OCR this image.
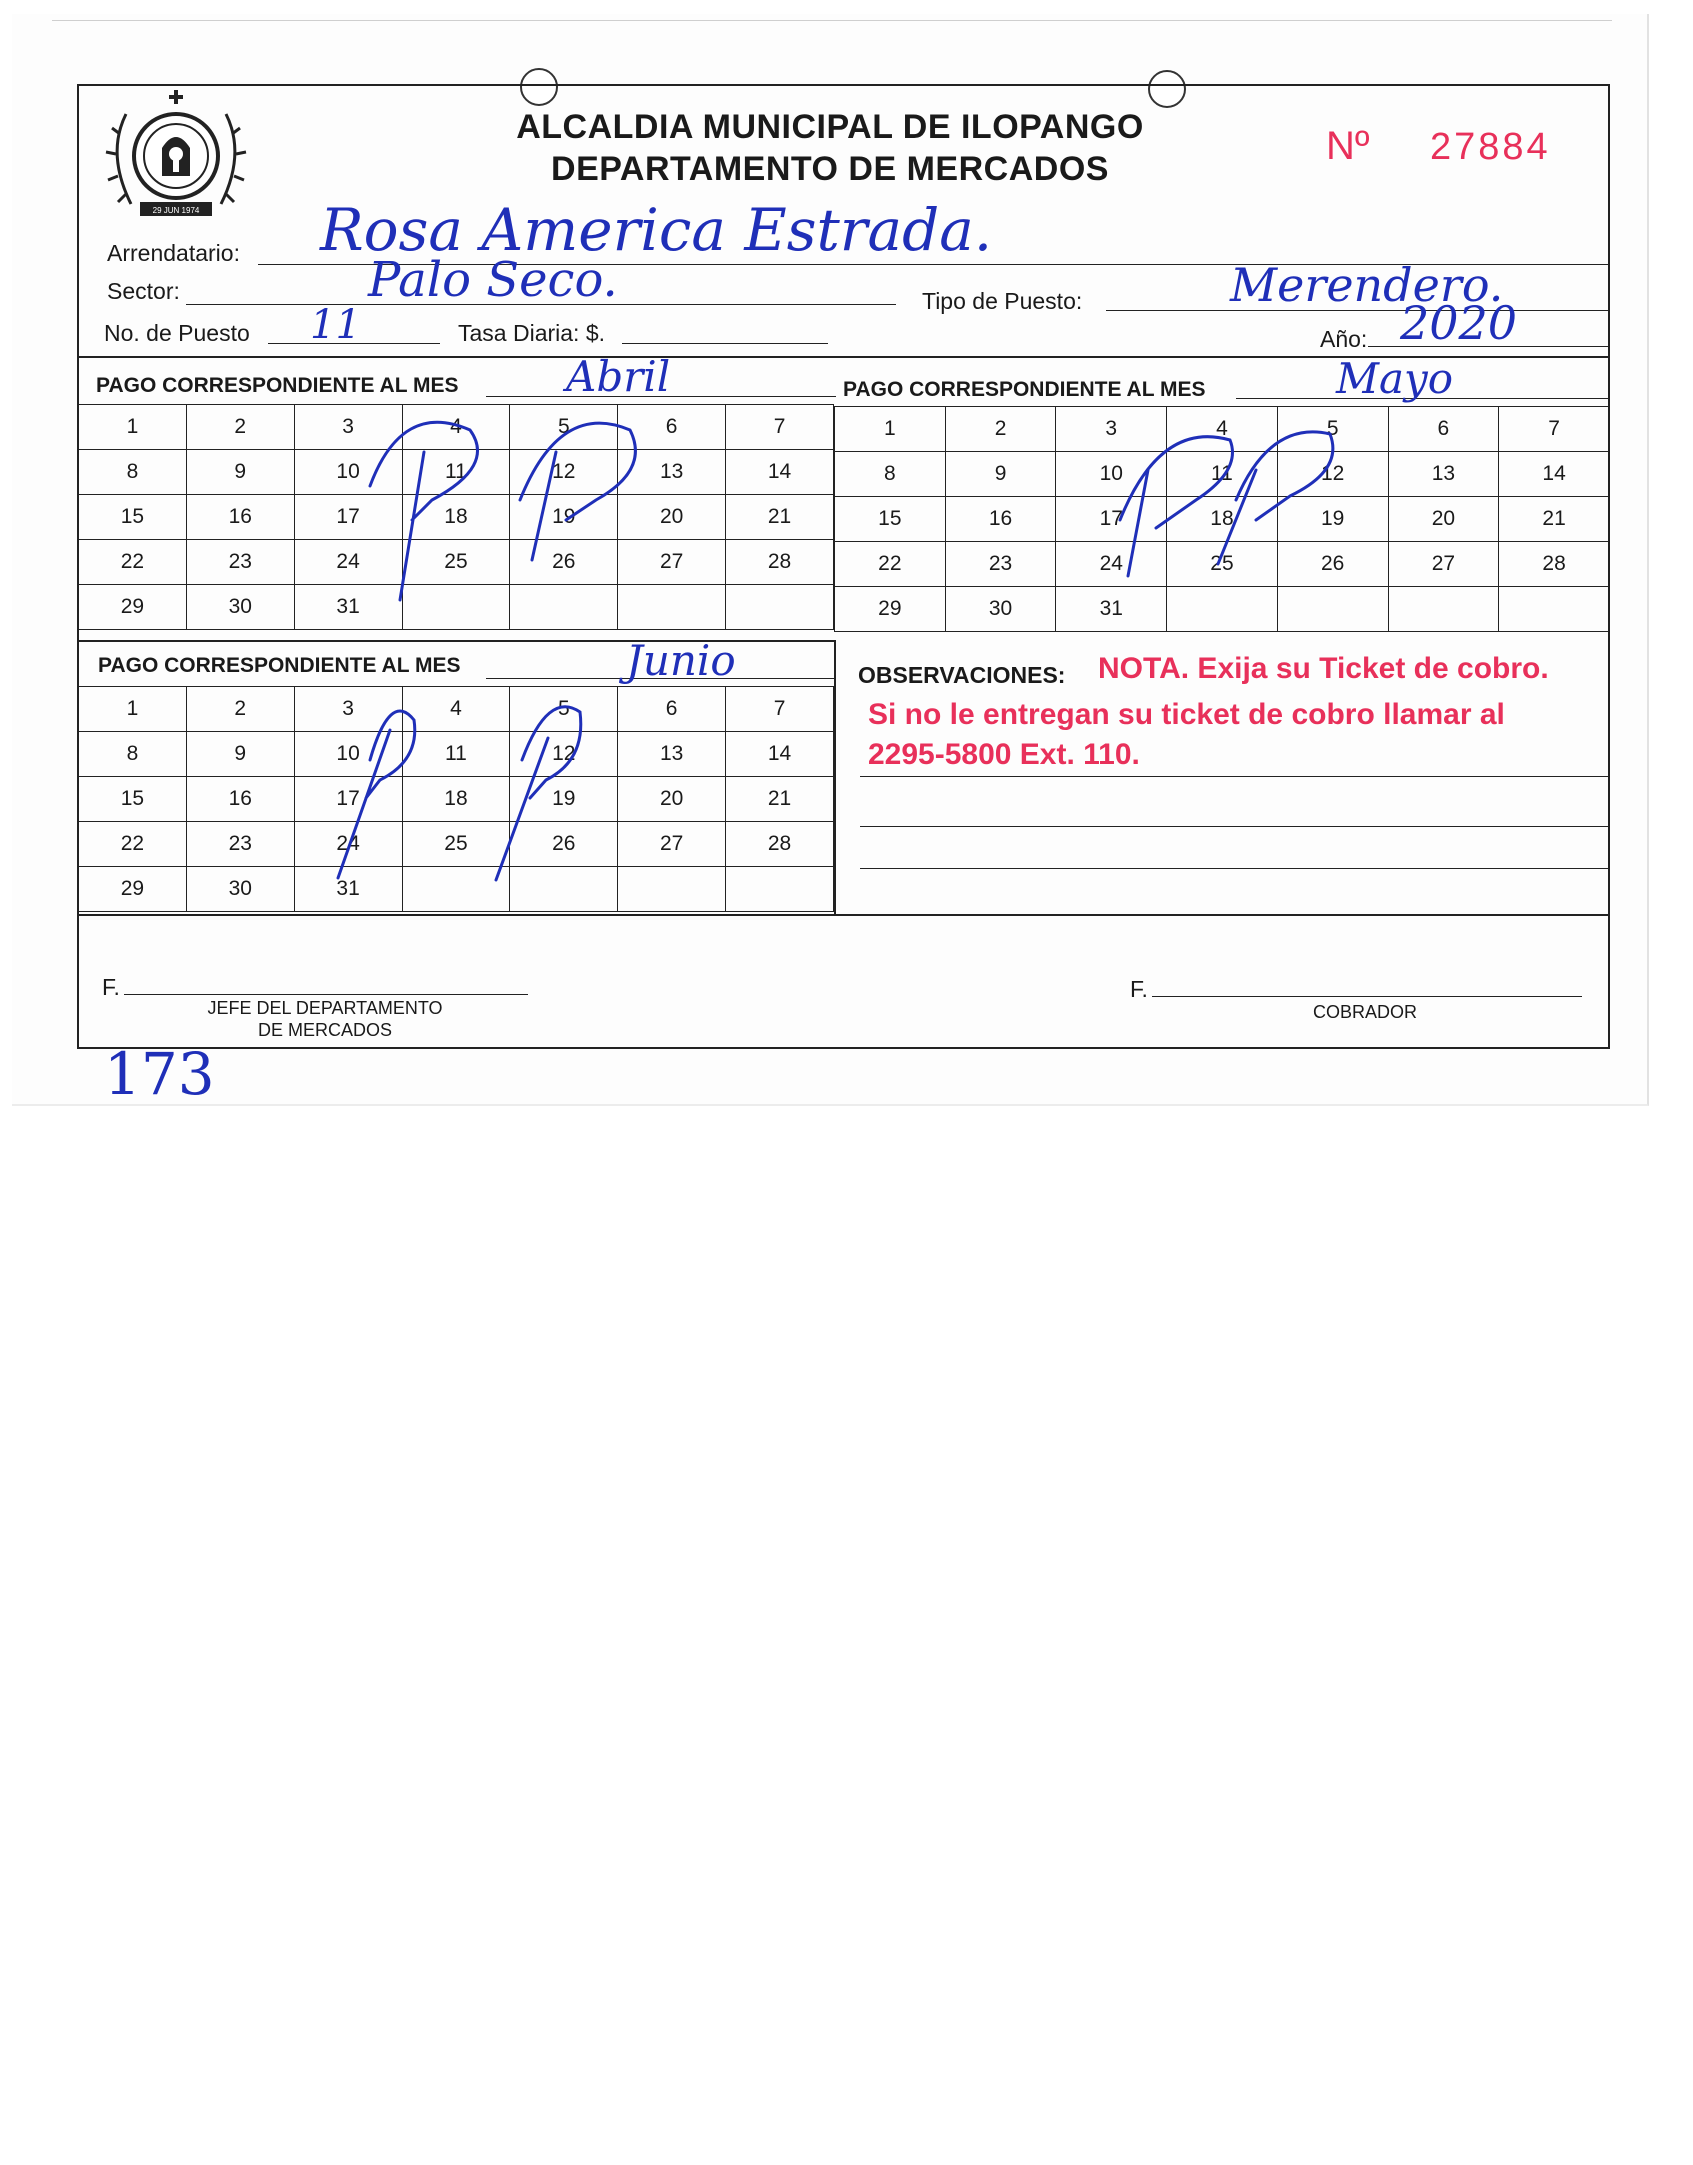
29 JUN 1974
ALCALDIA MUNICIPAL DE ILOPANGO
DEPARTAMENTO DE MERCADOS
Nº 27884
Arrendatario: Rosa America Estrada.
Sector:	Palo Seco.	Tipo de Puesto:	Merendero.
No. de Puesto 11	Tasa Diaria: $.	Año: 2020
PAGO CORRESPONDIENTE AL MES	Abril
1	2	3	4	5	6	7
8	9	10	11	12	13	14
15	16	17	18	19	20	21
22	23	24	25	26	27	28
29	30	31				
PAGO CORRESPONDIENTE AL MES	Mayo
1	2	3	4	5	6	7
8	9	10	11	12	13	14
15	16	17	18	19	20	21
22	23	24	25	26	27	28
29	30	31				
PAGO CORRESPONDIENTE AL MES	Junio
1	2	3	4	5	6	7
8	9	10	11	12	13	14
15	16	17	18	19	20	21
22	23	24	25	26	27	28
29	30	31				
OBSERVACIONES: NOTA. Exija su Ticket de cobro.
Si no le entregan su ticket de cobro llamar al
2295-5800 Ext. 110.
F.
JEFE DEL DEPARTAMENTO
DE MERCADOS
F.
COBRADOR
173
